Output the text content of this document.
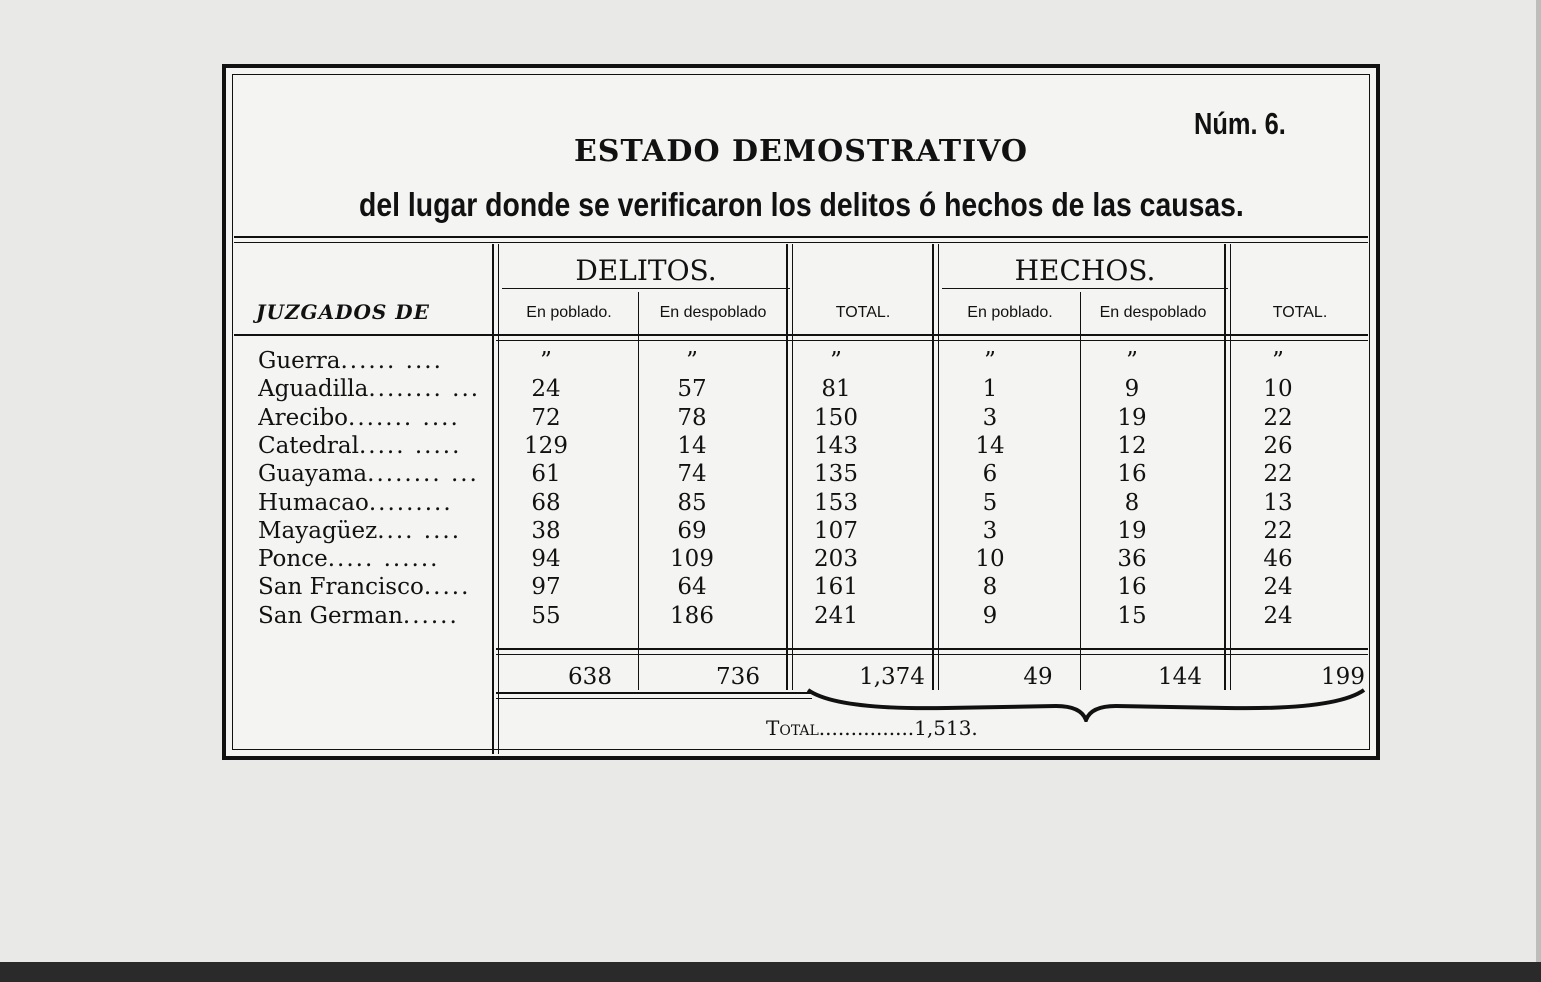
Núm. 6.
ESTADO DEMOSTRATIVO
del lugar donde se verificaron los delitos ó hechos de las causas.
DELITOS.	HECHOS.
JUZGADOS DE	En poblado.	En despoblado	TOTAL.	En poblado.	En despoblado	TOTAL.
Guerra...... ....	”	”	”	”	”	”
Aguadilla........ ...	24	57	81	1	9	10
Arecibo....... ....	72	78	150	3	19	22
Catedral..... .....	129	14	143	14	12	26
Guayama........ ...	61	74	135	6	16	22
Humacao.........	68	85	153	5	8	13
Mayagüez.... ....	38	69	107	3	19	22
Ponce..... ......	94	109	203	10	36	46
San Francisco.....	97	64	161	8	16	24
San German......	55	186	241	9	15	24
638	736	1,374	49	144	199
Total...............1,513.
